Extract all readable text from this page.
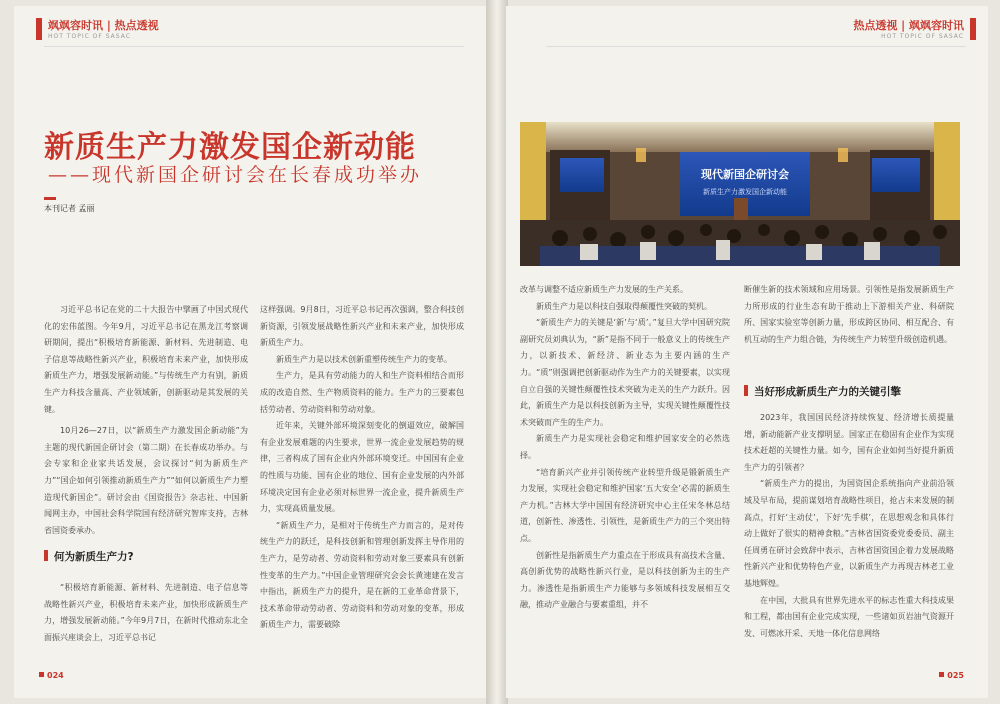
飒飒容时讯 | 热点透视
HOT TOPIC OF SASAC
新质生产力激发国企新动能
——现代新国企研讨会在长春成功举办
本刊记者 孟丽

习近平总书记在党的二十大报告中擘画了中国式现代化的宏伟蓝图。今年9月，习近平总书记在黑龙江考察调研期间，提出“积极培育新能源、新材料、先进制造、电子信息等战略性新兴产业，积极培育未来产业，加快形成新质生产力，增强发展新动能。”与传统生产力有别，新质生产力科技含量高、产业领域新，创新驱动是其发展的关键。

10月26—27日，以“新质生产力激发国企新动能”为主题的现代新国企研讨会（第二期）在长春成功举办。与会专家和企业家共话发展，会议探讨“何为新质生产力”“国企如何引领推动新质生产力”“如何以新质生产力塑造现代新国企”。研讨会由《国资报告》杂志社、中国新闻网主办，中国社会科学院国有经济研究智库支持，吉林省国资委承办。

何为新质生产力?

“积极培育新能源、新材料、先进制造、电子信息等战略性新兴产业，积极培育未来产业，加快形成新质生产力，增强发展新动能。”今年9月7日，在新时代推动东北全面振兴座谈会上，习近平总书记

这样强调。9月8日，习近平总书记再次强调，整合科技创新资源，引领发展战略性新兴产业和未来产业，加快形成新质生产力。

新质生产力是以技术创新重塑传统生产力的变革。

生产力，是具有劳动能力的人和生产资料相结合而形成的改造自然、生产物质资料的能力。生产力的三要素包括劳动者、劳动资料和劳动对象。

近年来，关键外部环境深刻变化的倒逼效应，破解国有企业发展难题的内生要求，世界一流企业发展趋势的规律，三者构成了国有企业内外部环境变迁。中国国有企业的性质与功能、国有企业的地位、国有企业发展的内外部环境决定国有企业必须对标世界一流企业，提升新质生产力，实现高质量发展。

“新质生产力，是相对于传统生产力而言的，是对传统生产力的跃迁，是科技创新和管理创新发挥主导作用的生产力，是劳动者、劳动资料和劳动对象三要素具有创新性变革的生产力。”中国企业管理研究会会长黄速建在发言中指出，新质生产力的提升，是在新的工业革命背景下，技术革命带动劳动者、劳动资料和劳动对象的变革，形成新质生产力，需要破除

024
热点透视 | 飒飒容时讯
HOT TOPIC OF SASAC
现代新国企研讨会
新质生产力激发国企新动能

改革与调整不适应新质生产力发展的生产关系。

新质生产力是以科技自强取得颠覆性突破的契机。

“新质生产力的关键是‘新’与‘质’。”复旦大学中国研究院副研究员刘典认为，“新”是指不同于一般意义上的传统生产力，以新技术、新经济、新业态为主要内涵的生产力。“质”则强调把创新驱动作为生产力的关键要素，以实现自立自强的关键性颠覆性技术突破为走关的生产力跃升。因此，新质生产力是以科技创新为主导，实现关键性颠覆性技术突破而产生的生产力。

新质生产力是实现社会稳定和维护国家安全的必然选择。

“培育新兴产业并引领传统产业转型升级是锻新质生产力发展，实现社会稳定和维护国家‘五大安全’必需的新质生产力机。”吉林大学中国国有经济研究中心主任宋冬林总结道，创新性、渗透性、引领性，是新质生产力的三个突出特点。

创新性是指新质生产力重点在于形成具有高技术含量、高创新优势的战略性新兴行业，是以科技创新为主的生产力。渗透性是指新质生产力能够与多领域科技发展相互交融，推动产业融合与要素重组，并不

断催生新的技术领域和应用场景。引领性是指发展新质生产力所形成的行业生态有助于推动上下游相关产业、科研院所、国家实验室等创新力量，形成跨区协同、相互配合、有机互动的生产力组合链，为传统生产力转型升级创造机遇。

当好形成新质生产力的关键引擎

2023年，我国国民经济持续恢复、经济增长质提量增，新动能新产业支撑明显。国家正在稳固有企业作为实现技术赶超的关键性力量。如今，国有企业如何当好提升新质生产力的引领者？

“新质生产力的提出，为国资国企系统指向产业前沿领域及早布局，提前谋划培育战略性项目，抢占未来发展的制高点，打好‘主动仗’，下好‘先手棋’，在思想观念和具体行动上做好了很实的精神食粮。”吉林省国资委党委委员、副主任周勇在研讨会致辞中表示，吉林省国资国企着力发展战略性新兴产业和优势特色产业，以新质生产力再现吉林老工业基地辉煌。

在中国，大批具有世界先进水平的标志性重大科技成果和工程，都由国有企业完成实现，一些诸如页岩油气资源开发、可燃冰开采、天地一体化信息网络

025
